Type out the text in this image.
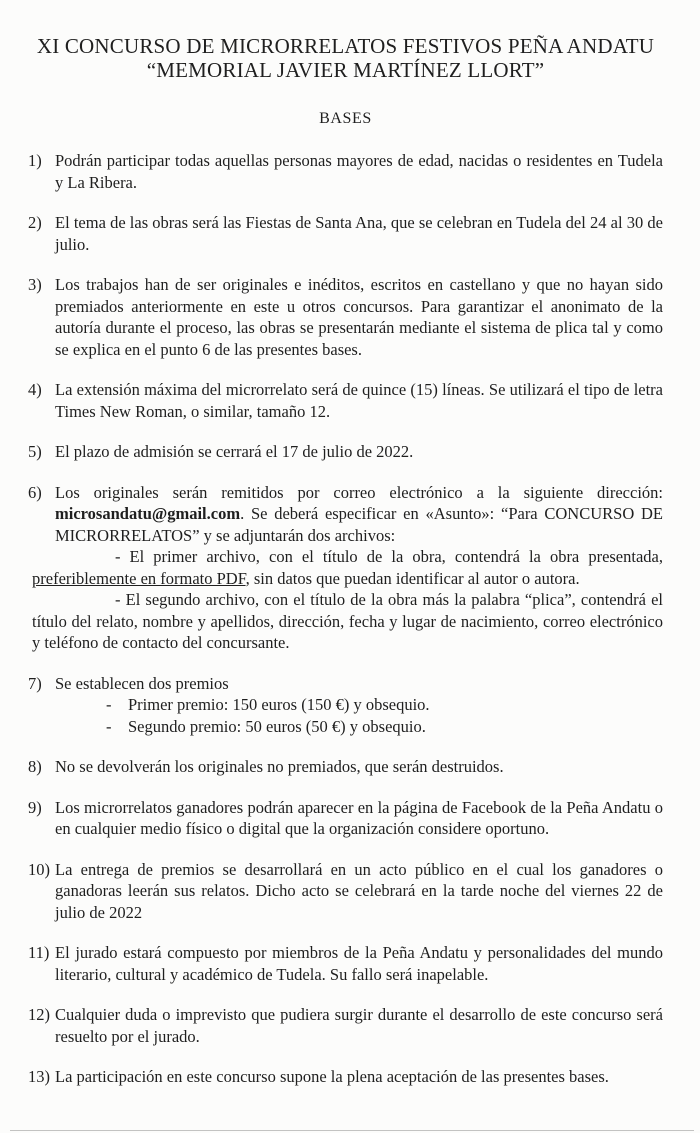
XI CONCURSO DE MICRORRELATOS FESTIVOS PEÑA ANDATU
“MEMORIAL JAVIER MARTÍNEZ LLORT”
BASES
1) Podrán participar todas aquellas personas mayores de edad, nacidas o residentes en Tudela y La Ribera.
2) El tema de las obras será las Fiestas de Santa Ana, que se celebran en Tudela del 24 al 30 de julio.
3) Los trabajos han de ser originales e inéditos, escritos en castellano y que no hayan sido premiados anteriormente en este u otros concursos. Para garantizar el anonimato de la autoría durante el proceso, las obras se presentarán mediante el sistema de plica tal y como se explica en el punto 6 de las presentes bases.
4) La extensión máxima del microrrelato será de quince (15) líneas. Se utilizará el tipo de letra Times New Roman, o similar, tamaño 12.
5) El plazo de admisión se cerrará el 17 de julio de 2022.
6) Los originales serán remitidos por correo electrónico a la siguiente dirección: microsandatu@gmail.com. Se deberá especificar en «Asunto»: “Para CONCURSO DE MICRORRELATOS” y se adjuntarán dos archivos:
- El primer archivo, con el título de la obra, contendrá la obra presentada, preferiblemente en formato PDF, sin datos que puedan identificar al autor o autora.
- El segundo archivo, con el título de la obra más la palabra “plica”, contendrá el título del relato, nombre y apellidos, dirección, fecha y lugar de nacimiento, correo electrónico y teléfono de contacto del concursante.
7) Se establecen dos premios
-	Primer premio: 150 euros (150 €) y obsequio.
-	Segundo premio: 50 euros (50 €) y obsequio.
8) No se devolverán los originales no premiados, que serán destruidos.
9) Los microrrelatos ganadores podrán aparecer en la página de Facebook de la Peña Andatu o en cualquier medio físico o digital que la organización considere oportuno.
10) La entrega de premios se desarrollará en un acto público en el cual los ganadores o ganadoras leerán sus relatos. Dicho acto se celebrará en la tarde noche del viernes 22 de julio de 2022
11) El jurado estará compuesto por miembros de la Peña Andatu y personalidades del mundo literario, cultural y académico de Tudela. Su fallo será inapelable.
12) Cualquier duda o imprevisto que pudiera surgir durante el desarrollo de este concurso será resuelto por el jurado.
13) La participación en este concurso supone la plena aceptación de las presentes bases.
